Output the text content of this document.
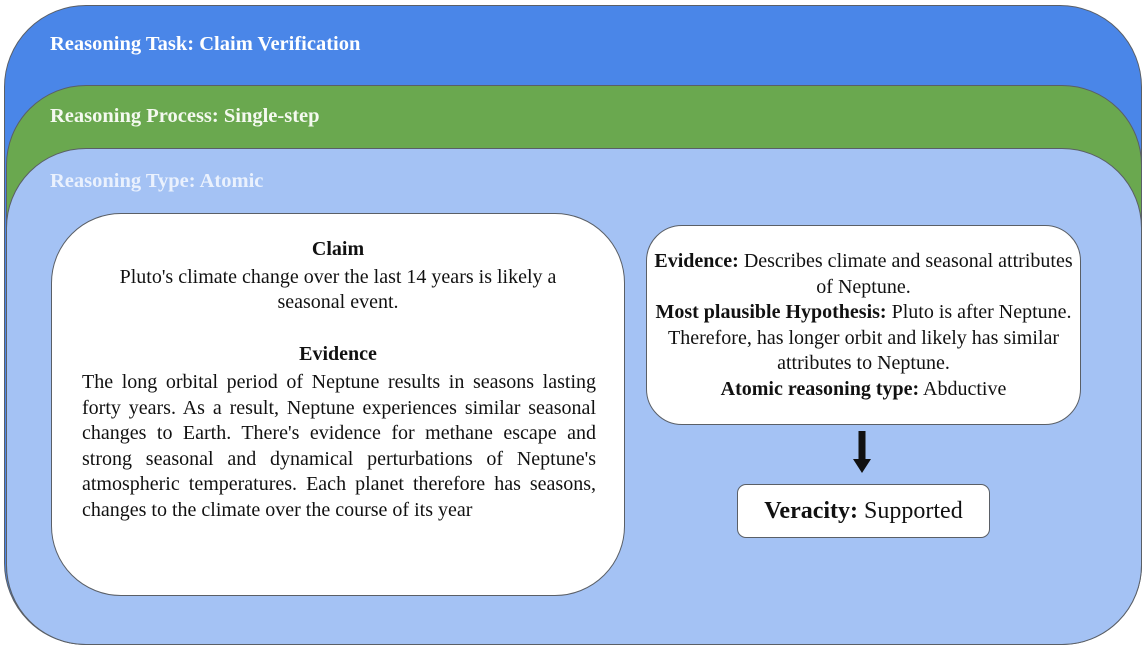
Reasoning Task: Claim Verification
Reasoning Process: Single-step
Reasoning Type: Atomic
Claim
Pluto's climate change over the last 14 years is likely a seasonal event.
Evidence
The long orbital period of Neptune results in seasons lasting forty years. As a result, Neptune experiences similar seasonal changes to Earth. There's evidence for methane escape and strong seasonal and dynamical perturbations of Neptune's atmospheric temperatures. Each planet therefore has seasons, changes to the climate over the course of its year

Evidence: Describes climate and seasonal attributes of Neptune.

Most plausible Hypothesis: Pluto is after Neptune. Therefore, has longer orbit and likely has similar attributes to Neptune.

Atomic reasoning type: Abductive

Veracity: Supported
